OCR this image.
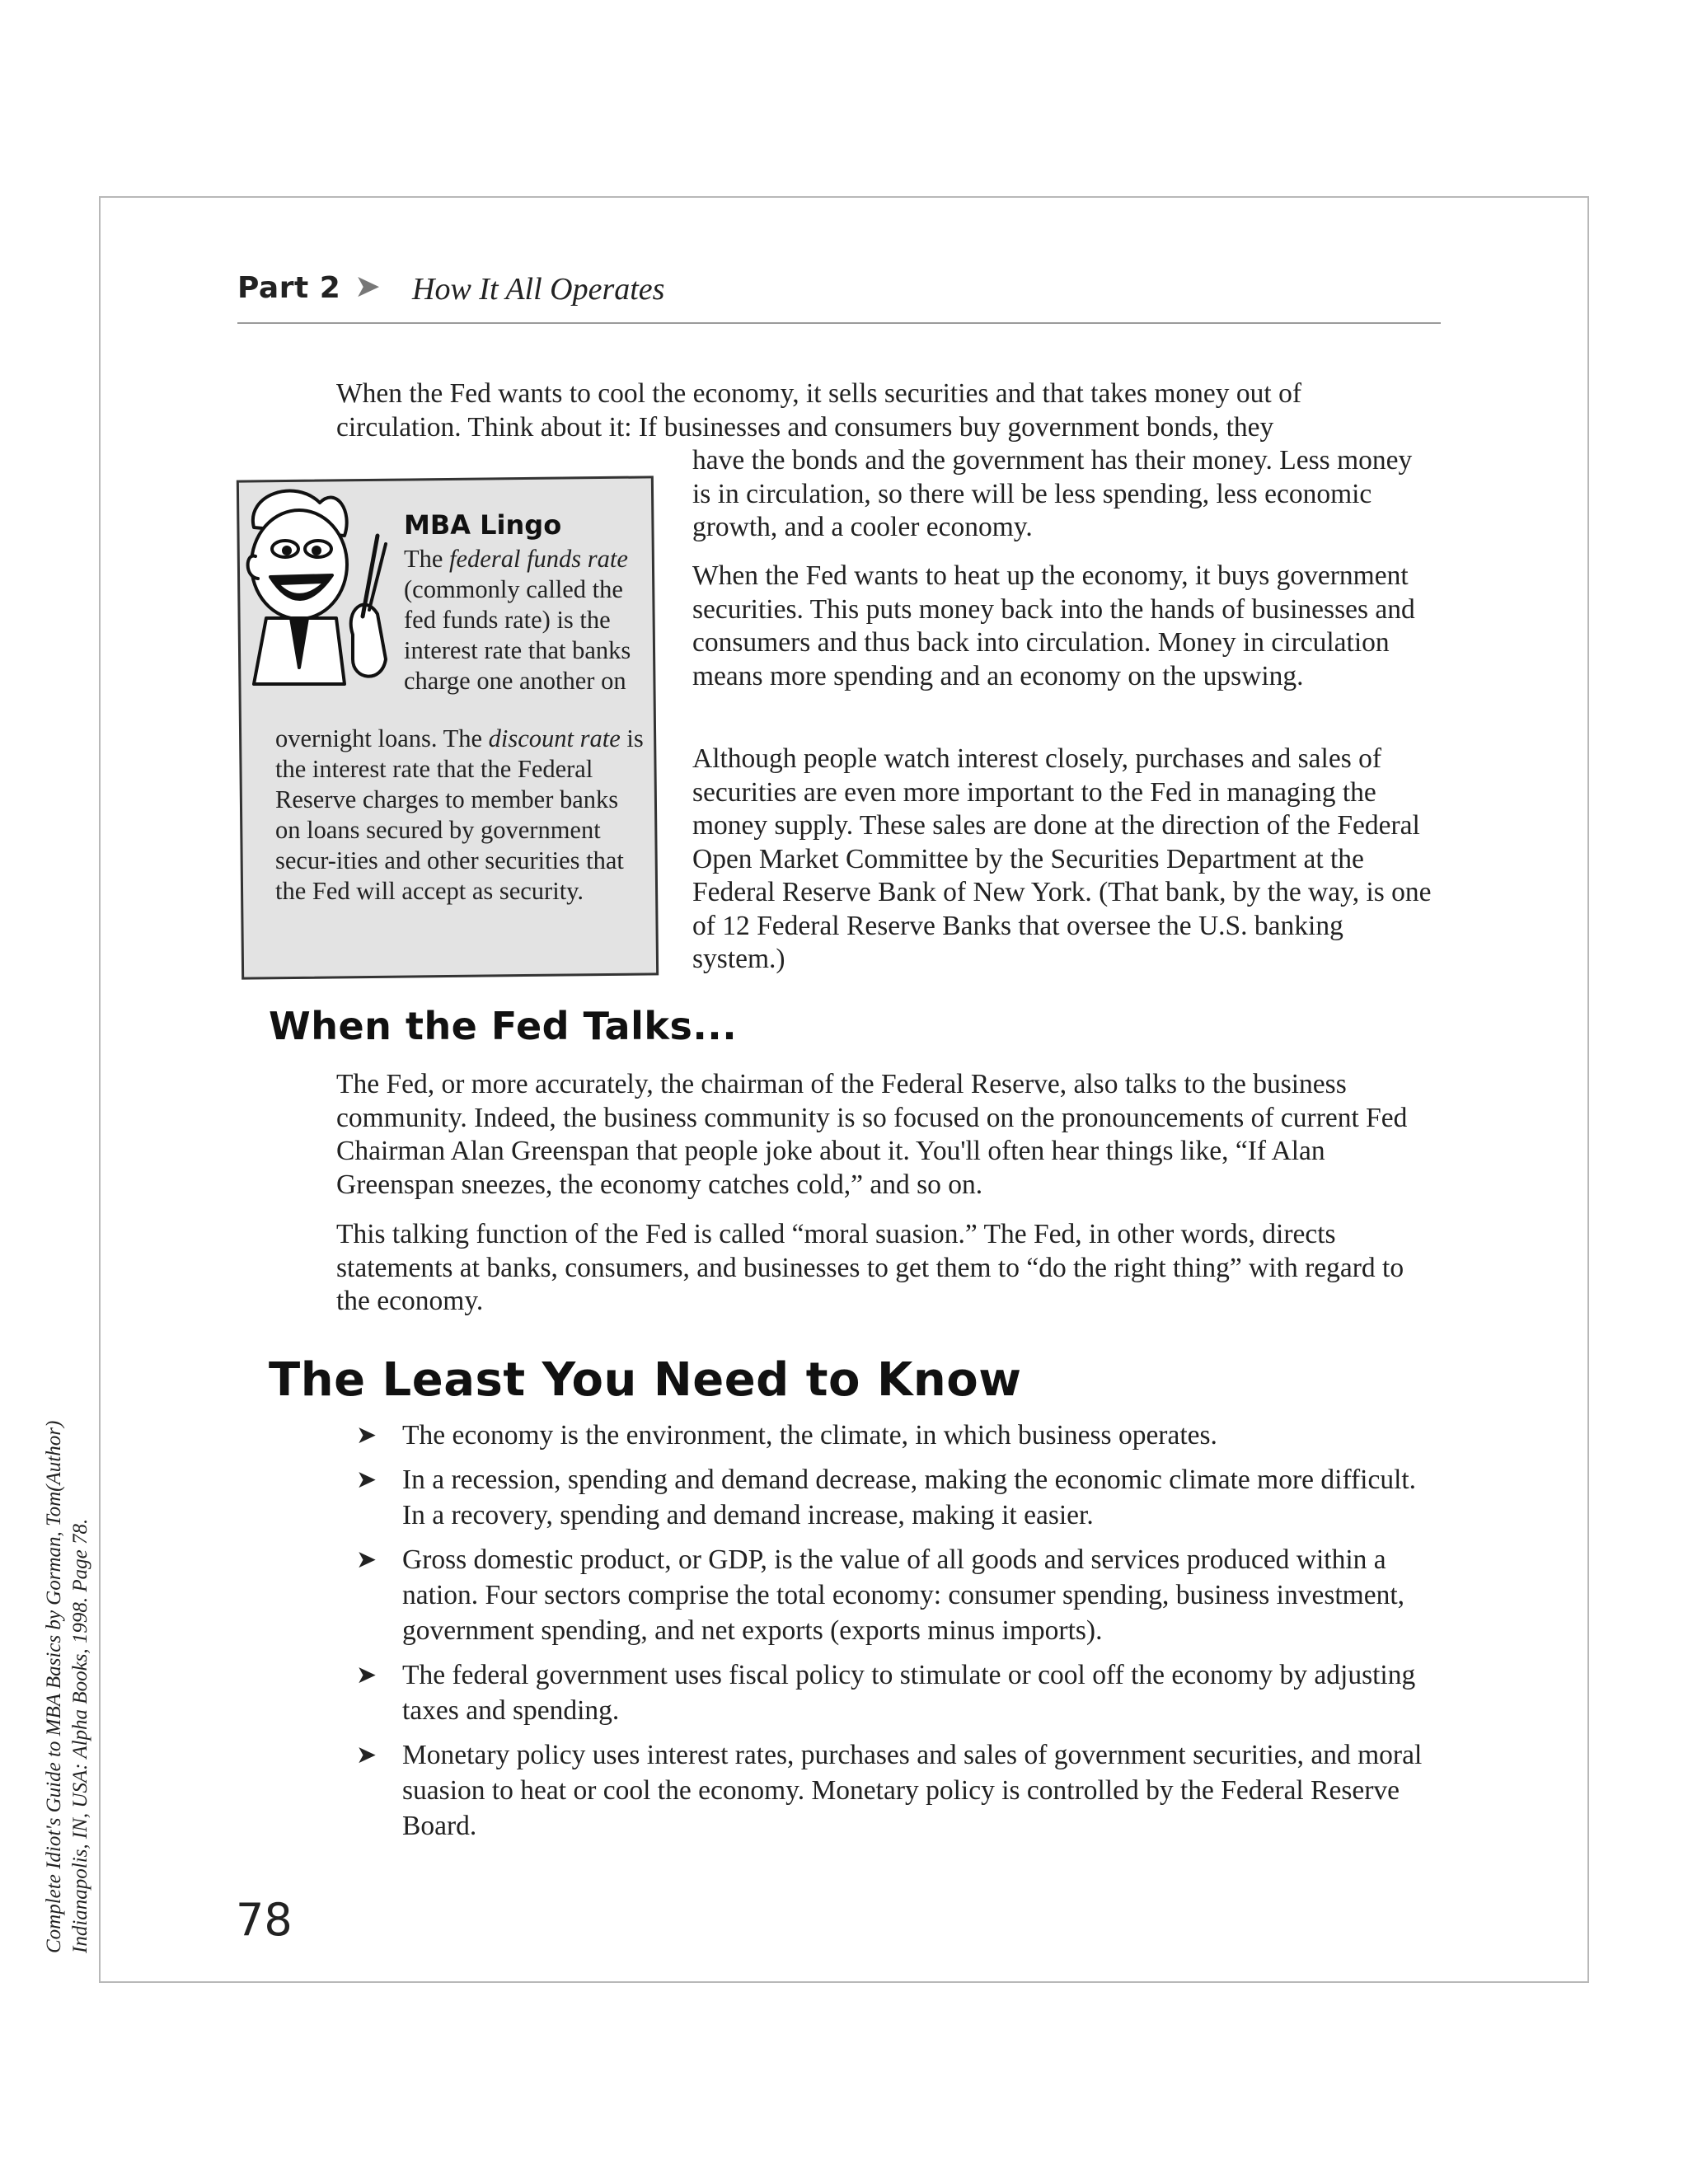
Complete Idiot's Guide to MBA Basics by Gorman, Tom(Author) Indianapolis, IN, USA: Alpha Books, 1998. Page 78.
Part 2 ➤ How It All Operates

When the Fed wants to cool the economy, it sells securities and that takes money out of circulation. Think about it: If businesses and consumers buy government bonds, they

have the bonds and the government has their money. Less money is in circulation, so there will be less spending, less economic growth, and a cooler economy.

When the Fed wants to heat up the economy, it buys government securities. This puts money back into the hands of businesses and consumers and thus back into circulation. Money in circulation means more spending and an economy on the upswing.

Although people watch interest closely, purchases and sales of securities are even more important to the Fed in managing the money supply. These sales are done at the direction of the Federal Open Market Committee by the Securities Department at the Federal Reserve Bank of New York. (That bank, by the way, is one of 12 Federal Reserve Banks that oversee the U.S. banking system.)

MBA Lingo

The federal funds rate (commonly called the fed funds rate) is the interest rate that banks charge one another on

overnight loans. The discount rate is the interest rate that the Federal Reserve charges to member banks on loans secured by government secur-ities and other securities that the Fed will accept as security.

When the Fed Talks...

The Fed, or more accurately, the chairman of the Federal Reserve, also talks to the business community. Indeed, the business community is so focused on the pronouncements of current Fed Chairman Alan Greenspan that people joke about it. You'll often hear things like, “If Alan Greenspan sneezes, the economy catches cold,” and so on.

This talking function of the Fed is called “moral suasion.” The Fed, in other words, directs statements at banks, consumers, and businesses to get them to “do the right thing” with regard to the economy.

The Least You Need to Know
➤ The economy is the environment, the climate, in which business operates.
➤ In a recession, spending and demand decrease, making the economic climate more difficult. In a recovery, spending and demand increase, making it easier.
➤ Gross domestic product, or GDP, is the value of all goods and services produced within a nation. Four sectors comprise the total economy: consumer spending, business investment, government spending, and net exports (exports minus imports).
➤ The federal government uses fiscal policy to stimulate or cool off the economy by adjusting taxes and spending.
➤ Monetary policy uses interest rates, purchases and sales of government securities, and moral suasion to heat or cool the economy. Monetary policy is controlled by the Federal Reserve Board.
78
